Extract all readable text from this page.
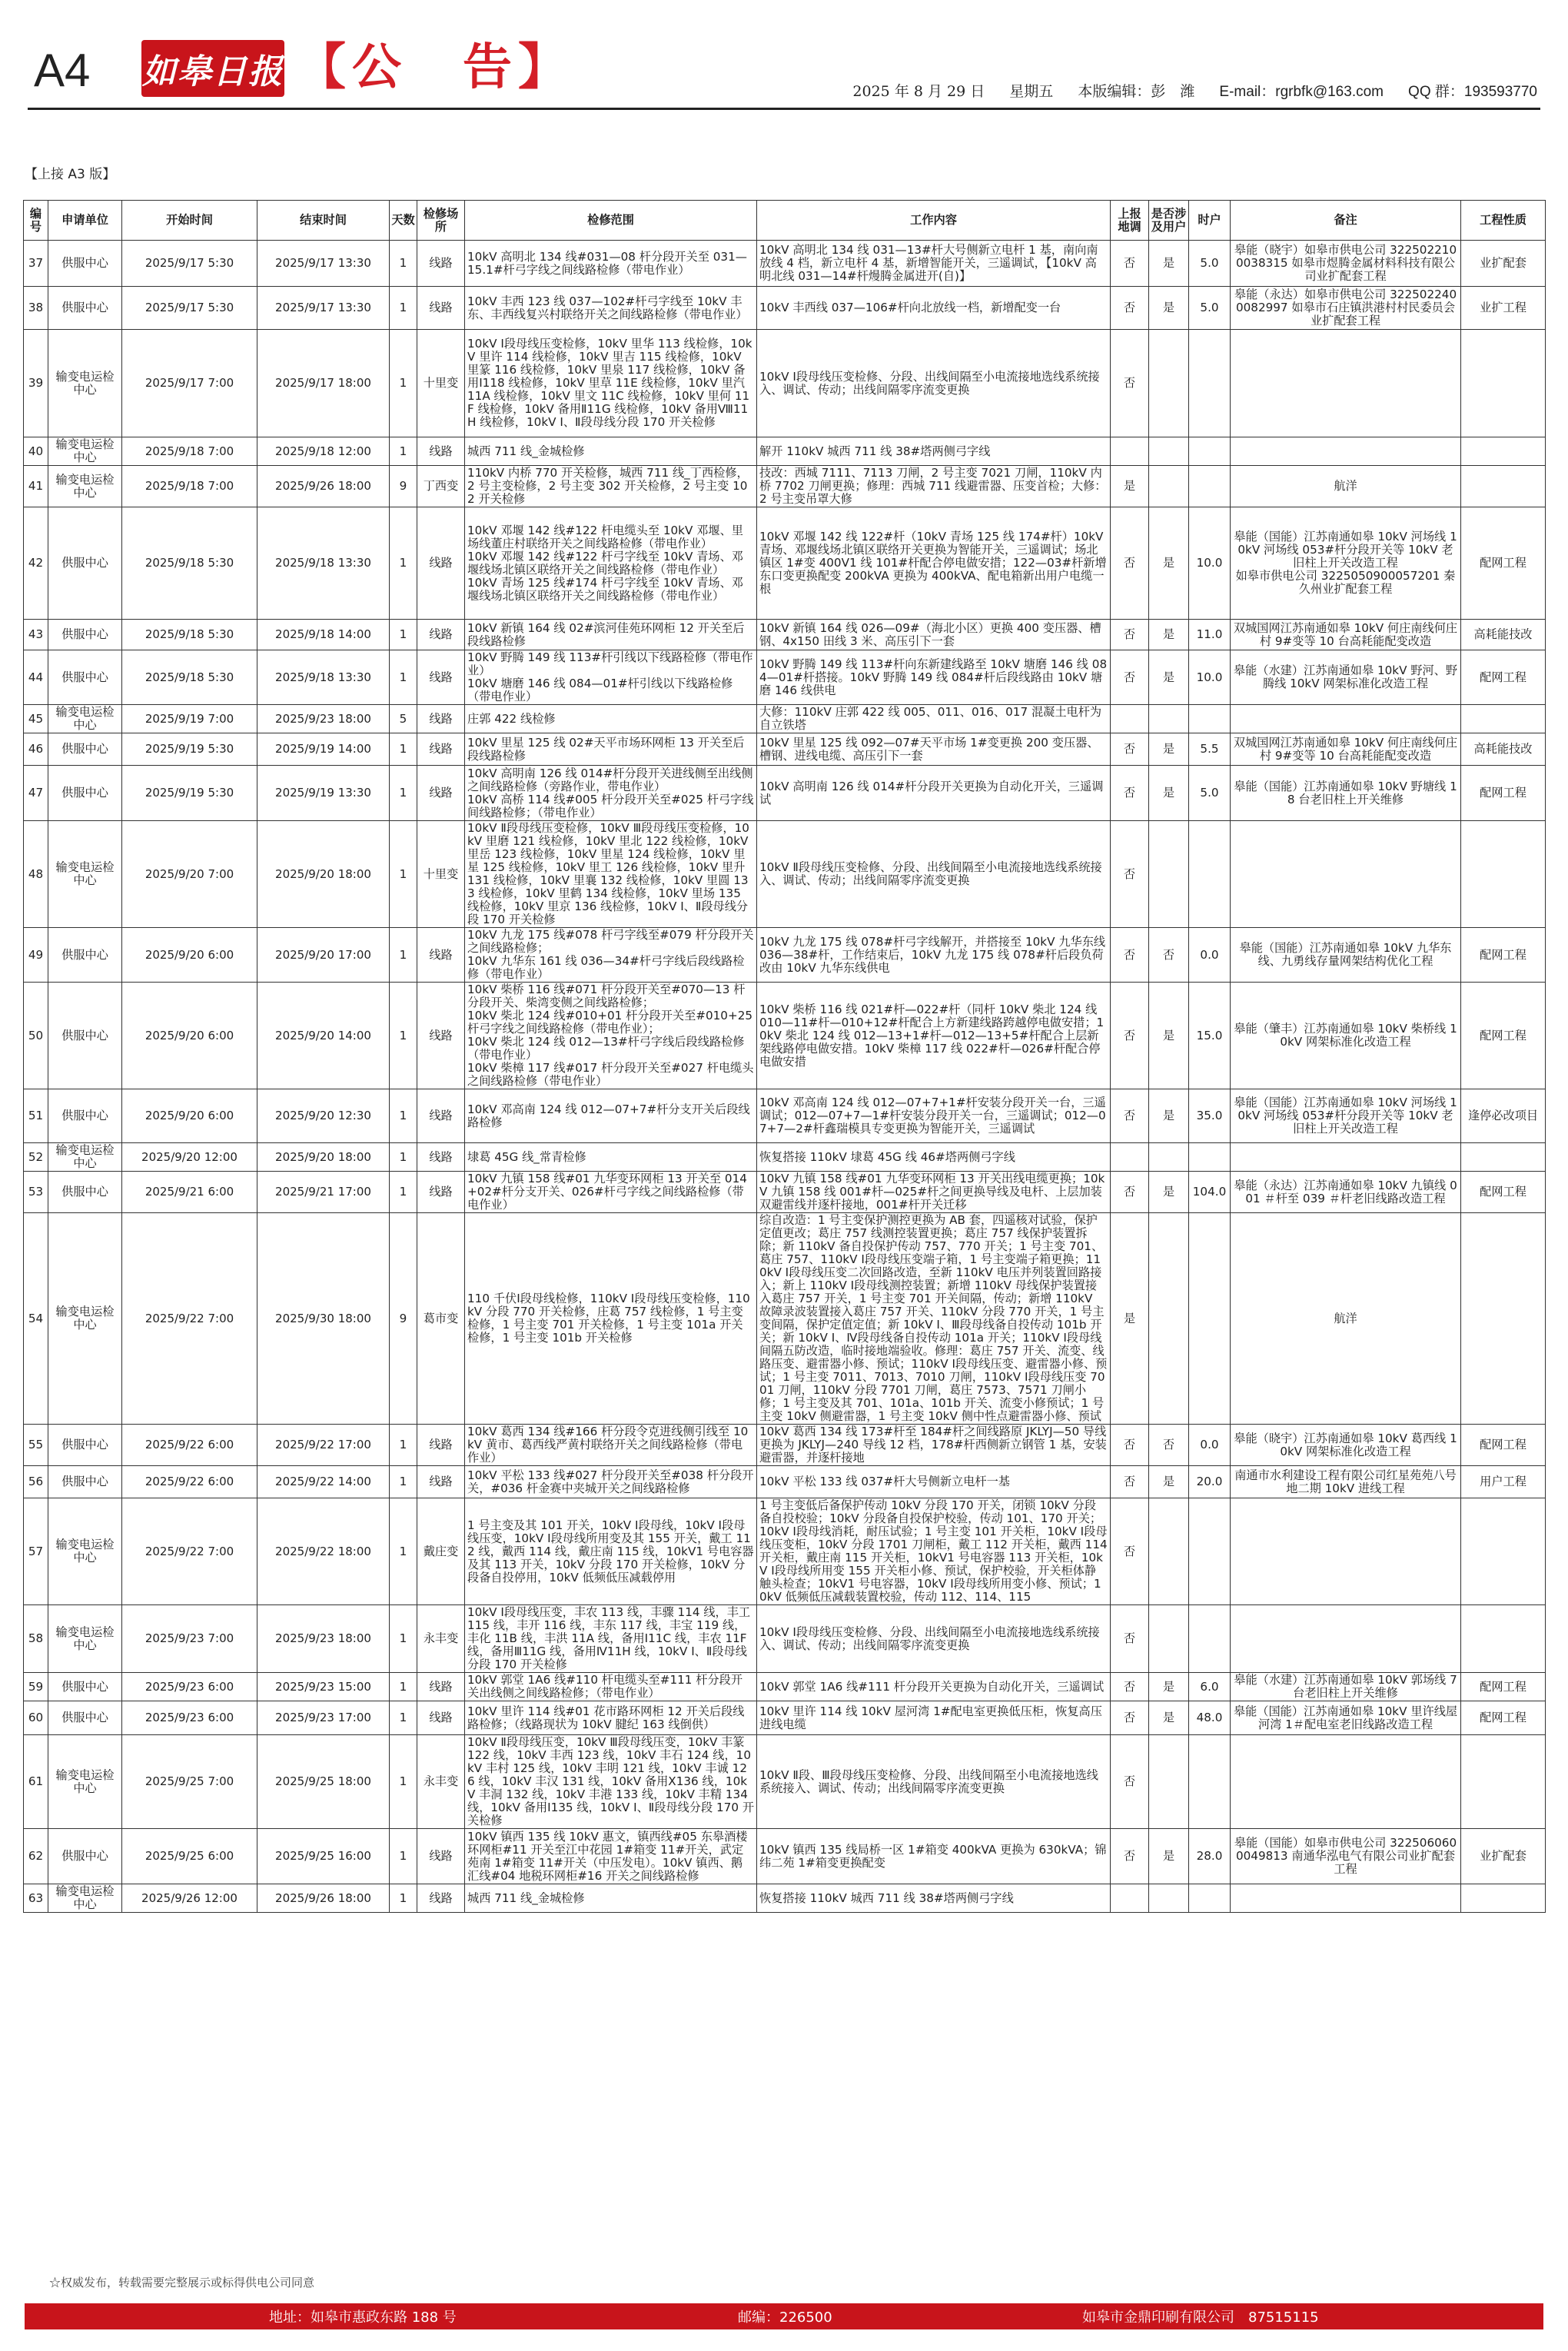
A4 如皋日报 【公　告】	2025 年 8 月 29 日 星期五 本版编辑：彭　潍 E-mail：rgrbfk@163.com QQ 群：193593770
【上接 A3 版】
编号	申请单位	开始时间	结束时间	天数	检修场所	检修范围	工作内容	上报地调	是否涉及用户	时户	备注	工程性质
37	供服中心	2025/9/17 5:30	2025/9/17 13:30	1	线路	10kV 高明北 134 线#031—08 杆分段开关至 031—15.1#杆弓字线之间线路检修（带电作业）	10kV 高明北 134 线 031—13#杆大号侧新立电杆 1 基，南向南放线 4 档，新立电杆 4 基，新增智能开关，三遥调试，【10kV 高明北线 031—14#杆熳腾金属进开(自)】	否	是	5.0	皋能（晓宇）如皋市供电公司 3225022100038315 如皋市煜腾金属材料科技有限公司业扩配套工程	业扩配套
38	供服中心	2025/9/17 5:30	2025/9/17 13:30	1	线路	10kV 丰西 123 线 037—102#杆弓字线至 10kV 丰东、丰西线复兴村联络开关之间线路检修（带电作业）	10kV 丰西线 037—106#杆向北放线一档，新增配变一台	否	是	5.0	皋能（永达）如皋市供电公司 3225022400082997 如皋市石庄镇洪港村村民委员会业扩配套工程	业扩工程
39	输变电运检中心	2025/9/17 7:00	2025/9/17 18:00	1	十里变	10kV Ⅰ段母线压变检修，10kV 里华 113 线检修，10kV 里许 114 线检修，10kV 里吉 115 线检修，10kV 里篆 116 线检修，10kV 里泉 117 线检修，10kV 备用Ⅰ118 线检修，10kV 里草 11E 线检修，10kV 里汽 11A 线检修，10kV 里文 11C 线检修，10kV 里何 11F 线检修，10kV 备用Ⅱ11G 线检修，10kV 备用Ⅷ11H 线检修，10kV Ⅰ、Ⅱ段母线分段 170 开关检修	10kV Ⅰ段母线压变检修、分段、出线间隔至小电流接地选线系统接入、调试、传动；出线间隔零序流变更换	否				
40	输变电运检中心	2025/9/18 7:00	2025/9/18 12:00	1	线路	城西 711 线_金城检修	解开 110kV 城西 711 线 38#塔两侧弓字线					
41	输变电运检中心	2025/9/18 7:00	2025/9/26 18:00	9	丁西变	110kV 内桥 770 开关检修，城西 711 线_丁西检修，2 号主变检修，2 号主变 302 开关检修，2 号主变 102 开关检修	技改：西城 7111、7113 刀闸，2 号主变 7021 刀闸，110kV 内桥 7702 刀闸更换；修理：西城 711 线避雷器、压变首检；大修：2 号主变吊罩大修	是			航洋	
42	供服中心	2025/9/18 5:30	2025/9/18 13:30	1	线路	10kV 邓堰 142 线#122 杆电缆头至 10kV 邓堰、里场线董庄村联络开关之间线路检修（带电作业）
10kV 邓堰 142 线#122 杆弓字线至 10kV 青场、邓堰线场北镇区联络开关之间线路检修（带电作业）
10kV 青场 125 线#174 杆弓字线至 10kV 青场、邓堰线场北镇区联络开关之间线路检修（带电作业）	10kV 邓堰 142 线 122#杆（10kV 青场 125 线 174#杆）10kV 青场、邓堰线场北镇区联络开关更换为智能开关，三遥调试；场北镇区 1#变 400V1 线 101#杆配合停电做安措；122—03#杆新增东口变更换配变 200kVA 更换为 400kVA、配电箱新出用户电缆一根	否	是	10.0	皋能（国能）江苏南通如皋 10kV 河场线 10kV 河场线 053#杆分段开关等 10kV 老旧柱上开关改造工程
如皋市供电公司 3225050900057201 秦久州业扩配套工程	配网工程
43	供服中心	2025/9/18 5:30	2025/9/18 14:00	1	线路	10kV 新镇 164 线 02#滨河佳苑环网柜 12 开关至后段线路检修	10kV 新镇 164 线 026—09#（海北小区）更换 400 变压器、槽钢、4x150 田线 3 米、高压引下一套	否	是	11.0	双城国网江苏南通如皋 10kV 何庄南线何庄村 9#变等 10 台高耗能配变改造	高耗能技改
44	供服中心	2025/9/18 5:30	2025/9/18 13:30	1	线路	10kV 野腾 149 线 113#杆引线以下线路检修（带电作业）
10kV 塘磨 146 线 084—01#杆引线以下线路检修（带电作业）	10kV 野腾 149 线 113#杆向东新建线路至 10kV 塘磨 146 线 084—01#杆搭接。10kV 野腾 149 线 084#杆后段线路由 10kV 塘磨 146 线供电	否	是	10.0	皋能（水建）江苏南通如皋 10kV 野河、野腾线 10kV 网架标准化改造工程	配网工程
45	输变电运检中心	2025/9/19 7:00	2025/9/23 18:00	5	线路	庄郭 422 线检修	大修：110kV 庄郭 422 线 005、011、016、017 混凝土电杆为自立铁塔					
46	供服中心	2025/9/19 5:30	2025/9/19 14:00	1	线路	10kV 里星 125 线 02#天平市场环网柜 13 开关至后段线路检修	10kV 里星 125 线 092—07#天平市场 1#变更换 200 变压器、槽钢、进线电缆、高压引下一套	否	是	5.5	双城国网江苏南通如皋 10kV 何庄南线何庄村 9#变等 10 台高耗能配变改造	高耗能技改
47	供服中心	2025/9/19 5:30	2025/9/19 13:30	1	线路	10kV 高明南 126 线 014#杆分段开关进线侧至出线侧之间线路检修（旁路作业，带电作业）
10kV 高桥 114 线#005 杆分段开关至#025 杆弓字线间线路检修；（带电作业）	10kV 高明南 126 线 014#杆分段开关更换为自动化开关，三遥调试	否	是	5.0	皋能（国能）江苏南通如皋 10kV 野塘线 18 台老旧柱上开关维修	配网工程
48	输变电运检中心	2025/9/20 7:00	2025/9/20 18:00	1	十里变	10kV Ⅱ段母线压变检修，10kV Ⅲ段母线压变检修，10kV 里磨 121 线检修，10kV 里北 122 线检修，10kV 里岳 123 线检修，10kV 里星 124 线检修，10kV 里星 125 线检修，10kV 里工 126 线检修，10kV 里升 131 线检修，10kV 里襄 132 线检修，10kV 里圆 133 线检修，10kV 里鹤 134 线检修，10kV 里场 135 线检修，10kV 里京 136 线检修，10kV Ⅰ、Ⅱ段母线分段 170 开关检修	10kV Ⅱ段母线压变检修、分段、出线间隔至小电流接地选线系统接入、调试、传动；出线间隔零序流变更换	否				
49	供服中心	2025/9/20 6:00	2025/9/20 17:00	1	线路	10kV 九龙 175 线#078 杆弓字线至#079 杆分段开关之间线路检修；
10kV 九华东 161 线 036—34#杆弓字线后段线路检修（带电作业）	10kV 九龙 175 线 078#杆弓字线解开，并搭接至 10kV 九华东线 036—38#杆，工作结束后，10kV 九龙 175 线 078#杆后段负荷改由 10kV 九华东线供电	否	否	0.0	皋能（国能）江苏南通如皋 10kV 九华东线、九勇线存量网架结构优化工程	配网工程
50	供服中心	2025/9/20 6:00	2025/9/20 14:00	1	线路	10kV 柴桥 116 线#071 杆分段开关至#070—13 杆分段开关、柴湾变侧之间线路检修；
10kV 柴北 124 线#010+01 杆分段开关至#010+25 杆弓字线之间线路检修（带电作业）；
10kV 柴北 124 线 012—13#杆弓字线后段线路检修（带电作业）
10kV 柴樟 117 线#017 杆分段开关至#027 杆电缆头之间线路检修（带电作业）	10kV 柴桥 116 线 021#杆—022#杆（同杆 10kV 柴北 124 线 010—11#杆—010+12#杆配合上方新建线路跨越停电做安措；10kV 柴北 124 线 012—13+1#杆—012—13+5#杆配合上层新架线路停电做安措。10kV 柴樟 117 线 022#杆—026#杆配合停电做安措	否	是	15.0	皋能（肇丰）江苏南通如皋 10kV 柴桥线 10kV 网架标准化改造工程	配网工程
51	供服中心	2025/9/20 6:00	2025/9/20 12:30	1	线路	10kV 邓高南 124 线 012—07+7#杆分支开关后段线路检修	10kV 邓高南 124 线 012—07+7+1#杆安装分段开关一台，三遥调试；012—07+7—1#杆安装分段开关一台，三遥调试；012—07+7—2#杆鑫瑞模具专变更换为智能开关，三遥调试	否	是	35.0	皋能（国能）江苏南通如皋 10kV 河场线 10kV 河场线 053#杆分段开关等 10kV 老旧柱上开关改造工程	逢停必改项目
52	输变电运检中心	2025/9/20 12:00	2025/9/20 18:00	1	线路	埭葛 45G 线_常青检修	恢复搭接 110kV 埭葛 45G 线 46#塔两侧弓字线					
53	供服中心	2025/9/21 6:00	2025/9/21 17:00	1	线路	10kV 九镇 158 线#01 九华变环网柜 13 开关至 014+02#杆分支开关、026#杆弓字线之间线路检修（带电作业）	10kV 九镇 158 线#01 九华变环网柜 13 开关出线电缆更换；10kV 九镇 158 线 001#杆—025#杆之间更换导线及电杆、上层加装双避雷线并逐杆接地，001#杆开关迁移	否	是	104.0	皋能（永达）江苏南通如皋 10kV 九镇线 001 ＃杆至 039 ＃杆老旧线路改造工程	配网工程
54	输变电运检中心	2025/9/22 7:00	2025/9/30 18:00	9	葛市变	110 千伏Ⅰ段母线检修，110kV Ⅰ段母线压变检修，110kV 分段 770 开关检修，庄葛 757 线检修，1 号主变检修，1 号主变 701 开关检修，1 号主变 101a 开关检修，1 号主变 101b 开关检修	综自改造：1 号主变保护测控更换为 AB 套，四遥核对试验，保护定值更改；葛庄 757 线测控装置更换；葛庄 757 线保护装置拆除；新 110kV 备自投保护传动 757、770 开关；1 号主变 701、葛庄 757、110kV Ⅰ段母线压变端子箱，1 号主变端子箱更换；110kV Ⅰ段母线压变二次回路改造，至新 110kV 电压并列装置回路接入；新上 110kV Ⅰ段母线测控装置；新增 110kV 母线保护装置接入葛庄 757 开关，1 号主变 701 开关间隔，传动；新增 110kV 故障录波装置接入葛庄 757 开关、110kV 分段 770 开关，1 号主变间隔，保护定值定值；新 10kV Ⅰ、Ⅲ段母线备自投传动 101b 开关；新 10kV Ⅰ、Ⅳ段母线备自投传动 101a 开关；110kV Ⅰ段母线间隔五防改造，临时接地端验收。修理：葛庄 757 开关、流变、线路压变、避雷器小修、预试；110kV Ⅰ段母线压变、避雷器小修、预试；1 号主变 7011、7013、7010 刀闸，110kV Ⅰ段母线压变 7001 刀闸，110kV 分段 7701 刀闸，葛庄 7573、7571 刀闸小修；1 号主变及其 701、101a、101b 开关、流变小修预试；1 号主变 10kV 侧避雷器，1 号主变 10kV 侧中性点避雷器小修、预试	是			航洋	
55	供服中心	2025/9/22 6:00	2025/9/22 17:00	1	线路	10kV 葛西 134 线#166 杆分段令克进线侧引线至 10kV 黄市、葛西线严黄村联络开关之间线路检修（带电作业）	10kV 葛西 134 线 173#杆至 184#杆之间线路原 JKLYJ—50 导线更换为 JKLYJ—240 导线 12 档，178#杆西侧新立钢管 1 基，安装避雷器，并逐杆接地	否	否	0.0	皋能（晓宇）江苏南通如皋 10kV 葛西线 10kV 网架标准化改造工程	配网工程
56	供服中心	2025/9/22 6:00	2025/9/22 14:00	1	线路	10kV 平松 133 线#027 杆分段开关至#038 杆分段开关，#036 杆金赛中夹城开关之间线路检修	10kV 平松 133 线 037#杆大号侧新立电杆一基	否	是	20.0	南通市水利建设工程有限公司红星苑苑八号地二期 10kV 进线工程	用户工程
57	输变电运检中心	2025/9/22 7:00	2025/9/22 18:00	1	戴庄变	1 号主变及其 101 开关，10kV Ⅰ段母线，10kV Ⅰ段母线压变，10kV Ⅰ段母线所用变及其 155 开关，戴工 112 线，戴西 114 线，戴庄南 115 线，10kV1 号电容器及其 113 开关，10kV 分段 170 开关检修，10kV 分段备自投停用，10kV 低频低压减载停用	1 号主变低后备保护传动 10kV 分段 170 开关，闭锁 10kV 分段备自投校验；10kV 分段备自投保护校验，传动 101、170 开关；10kV Ⅰ段母线消耗，耐压试验；1 号主变 101 开关柜，10kV Ⅰ段母线压变柜，10kV 分段 1701 刀闸柜，戴工 112 开关柜，戴西 114 开关柜，戴庄南 115 开关柜，10kV1 号电容器 113 开关柜，10kV Ⅰ段母线所用变 155 开关柜小修、预试，保护校验，开关柜体静触头检查；10kV1 号电容器，10kV Ⅰ段母线所用变小修、预试；10kV 低频低压减载装置校验，传动 112、114、115	否				
58	输变电运检中心	2025/9/23 7:00	2025/9/23 18:00	1	永丰变	10kV Ⅰ段母线压变，丰农 113 线，丰骤 114 线，丰工 115 线，丰开 116 线，丰东 117 线，丰宝 119 线，丰化 11B 线，丰洪 11A 线，备用Ⅰ11C 线，丰农 11F 线，备用Ⅲ11G 线，备用Ⅳ11H 线，10kV Ⅰ、Ⅱ段母线分段 170 开关检修	10kV Ⅰ段母线压变检修、分段、出线间隔至小电流接地选线系统接入、调试、传动；出线间隔零序流变更换	否				
59	供服中心	2025/9/23 6:00	2025/9/23 15:00	1	线路	10kV 郭堂 1A6 线#110 杆电缆头至#111 杆分段开关出线侧之间线路检修；（带电作业）	10kV 郭堂 1A6 线#111 杆分段开关更换为自动化开关，三遥调试	否	是	6.0	皋能（水建）江苏南通如皋 10kV 郭场线 7 台老旧柱上开关维修	配网工程
60	供服中心	2025/9/23 6:00	2025/9/23 17:00	1	线路	10kV 里许 114 线#01 花市路环网柜 12 开关后段线路检修；（线路现状为 10kV 腱纪 163 线倒供）	10kV 里许 114 线 10kV 屋河湾 1#配电室更换低压柜，恢复高压进线电缆	否	是	48.0	皋能（国能）江苏南通如皋 10kV 里许线屋河湾 1＃配电室老旧线路改造工程	配网工程
61	输变电运检中心	2025/9/25 7:00	2025/9/25 18:00	1	永丰变	10kV Ⅱ段母线压变，10kV Ⅲ段母线压变，10kV 丰篆 122 线，10kV 丰西 123 线，10kV 丰石 124 线，10kV 丰村 125 线，10kV 丰明 121 线，10kV 丰诚 126 线，10kV 丰汉 131 线，10kV 备用Ⅹ136 线，10kV 丰洞 132 线，10kV 丰港 133 线，10kV 丰精 134 线，10kV 备用Ⅰ135 线，10kV Ⅰ、Ⅱ段母线分段 170 开关检修	10kV Ⅱ段、Ⅲ段母线压变检修、分段、出线间隔至小电流接地选线系统接入、调试、传动；出线间隔零序流变更换	否				
62	供服中心	2025/9/25 6:00	2025/9/25 16:00	1	线路	10kV 镇西 135 线 10kV 惠文，镇西线#05 东皋酒楼环网柜#11 开关至江中花园 1#箱变 11#开关，武定苑南 1#箱变 11#开关（中压发电）。10kV 镇西、鹅汇线#04 地税环网柜#16 开关之间线路检修	10kV 镇西 135 线局桥一区 1#箱变 400kVA 更换为 630kVA；锦纬二苑 1#箱变更换配变	否	是	28.0	皋能（国能）如皋市供电公司 3225060600049813 南通华泓电气有限公司业扩配套工程	业扩配套
63	输变电运检中心	2025/9/26 12:00	2025/9/26 18:00	1	线路	城西 711 线_金城检修	恢复搭接 110kV 城西 711 线 38#塔两侧弓字线					
☆权威发布，转载需要完整展示或标得供电公司同意
地址：如皋市惠政东路 188 号	邮编：226500	如皋市金鼎印刷有限公司　87515115
